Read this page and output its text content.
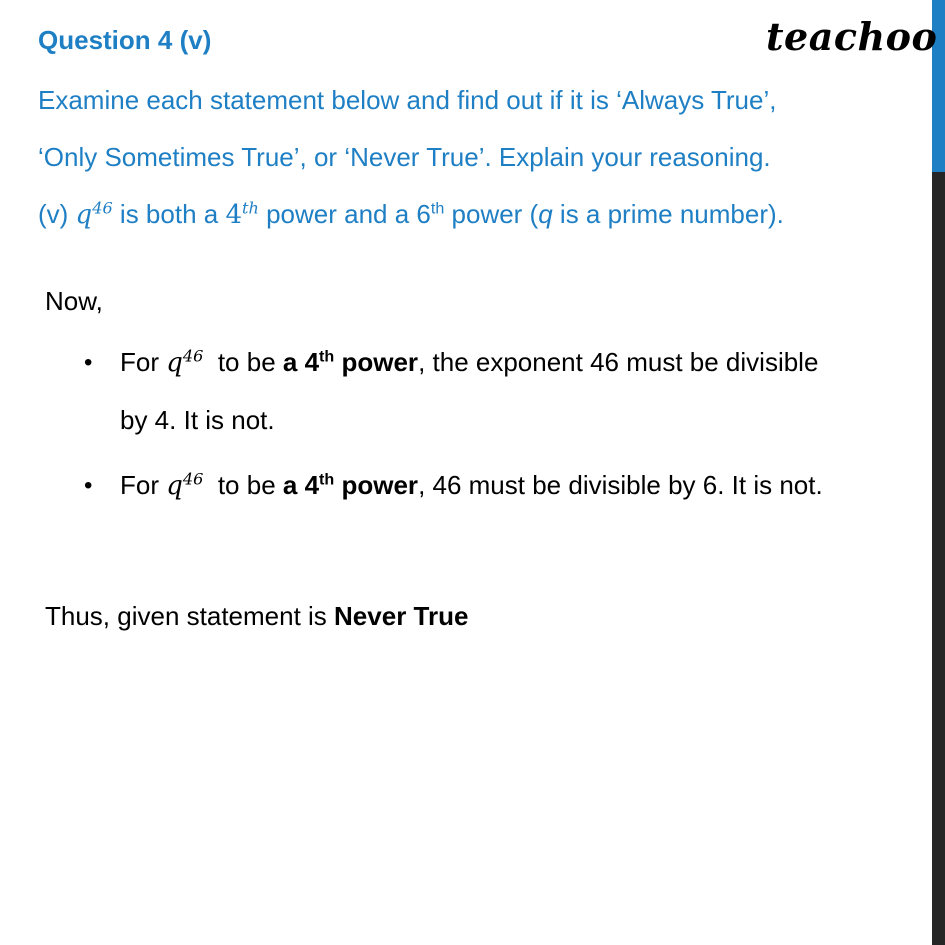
Question 4 (v)	teachoo
Examine each statement below and find out if it is ‘Always True’,
‘Only Sometimes True’, or ‘Never True’. Explain your reasoning.
(v) $q^{46}$ is both a 4th power and a 6th power (q is a prime number).
Now,
• For $q^{46}$  to be a 4th power, the exponent 46 must be divisible
by 4. It is not.
• For $q^{46}$  to be a 4th power, 46 must be divisible by 6. It is not.
Thus, given statement is Never True
